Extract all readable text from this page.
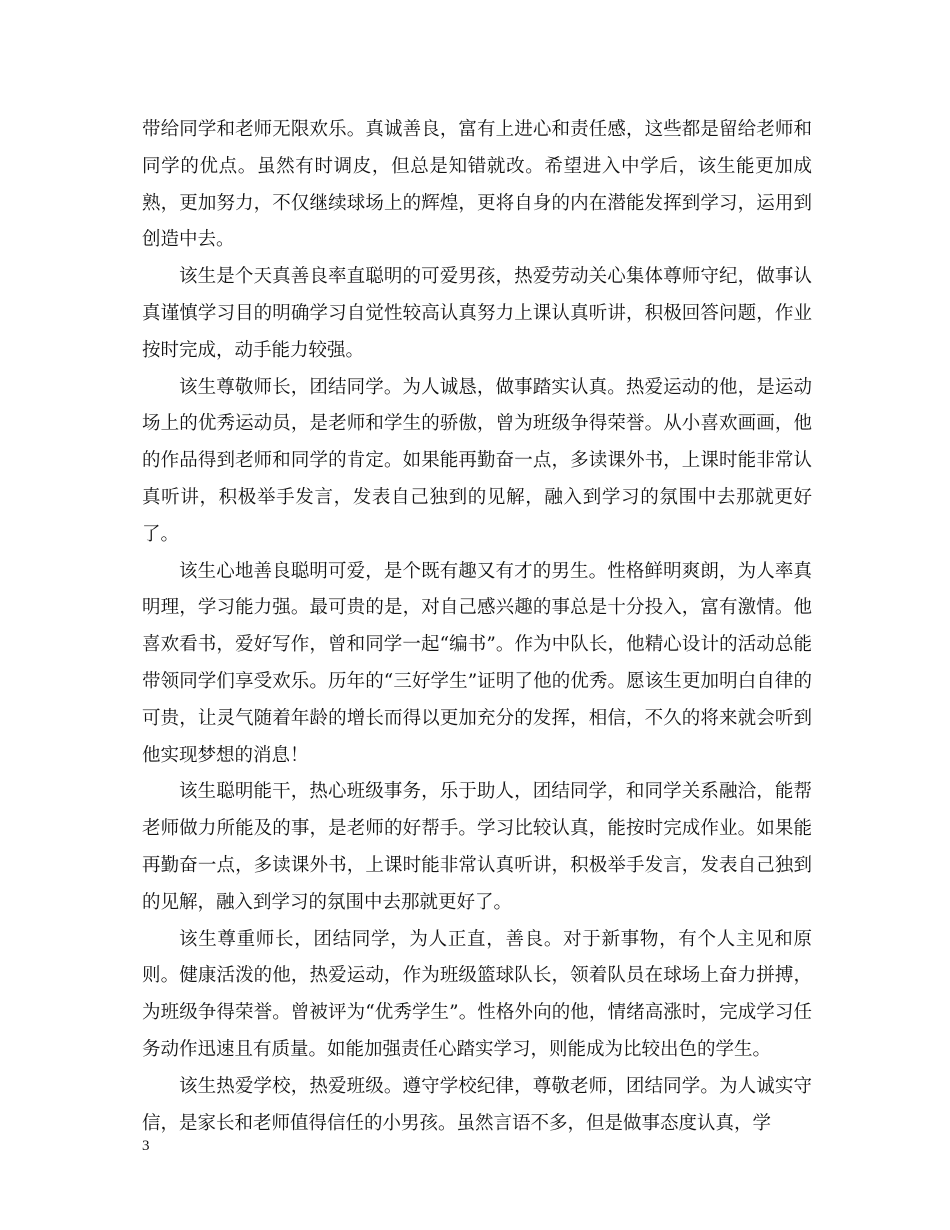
带给同学和老师无限欢乐。真诚善良，富有上进心和责任感，这些都是留给老师和同学的优点。虽然有时调皮，但总是知错就改。希望进入中学后，该生能更加成熟，更加努力，不仅继续球场上的辉煌，更将自身的内在潜能发挥到学习，运用到创造中去。

该生是个天真善良率直聪明的可爱男孩，热爱劳动关心集体尊师守纪，做事认真谨慎学习目的明确学习自觉性较高认真努力上课认真听讲，积极回答问题，作业按时完成，动手能力较强。

该生尊敬师长，团结同学。为人诚恳，做事踏实认真。热爱运动的他，是运动场上的优秀运动员，是老师和学生的骄傲，曾为班级争得荣誉。从小喜欢画画，他的作品得到老师和同学的肯定。如果能再勤奋一点，多读课外书，上课时能非常认真听讲，积极举手发言，发表自己独到的见解，融入到学习的氛围中去那就更好了。

该生心地善良聪明可爱，是个既有趣又有才的男生。性格鲜明爽朗，为人率真明理，学习能力强。最可贵的是，对自己感兴趣的事总是十分投入，富有激情。他喜欢看书，爱好写作，曾和同学一起“编书”。作为中队长，他精心设计的活动总能带领同学们享受欢乐。历年的“三好学生”证明了他的优秀。愿该生更加明白自律的可贵，让灵气随着年龄的增长而得以更加充分的发挥，相信，不久的将来就会听到他实现梦想的消息！

该生聪明能干，热心班级事务，乐于助人，团结同学，和同学关系融洽，能帮老师做力所能及的事，是老师的好帮手。学习比较认真，能按时完成作业。如果能再勤奋一点，多读课外书，上课时能非常认真听讲，积极举手发言，发表自己独到的见解，融入到学习的氛围中去那就更好了。

该生尊重师长，团结同学，为人正直，善良。对于新事物，有个人主见和原则。健康活泼的他，热爱运动，作为班级篮球队长，领着队员在球场上奋力拼搏，为班级争得荣誉。曾被评为“优秀学生”。性格外向的他，情绪高涨时，完成学习任务动作迅速且有质量。如能加强责任心踏实学习，则能成为比较出色的学生。

该生热爱学校，热爱班级。遵守学校纪律，尊敬老师，团结同学。为人诚实守信，是家长和老师值得信任的小男孩。虽然言语不多，但是做事态度认真，学

3
